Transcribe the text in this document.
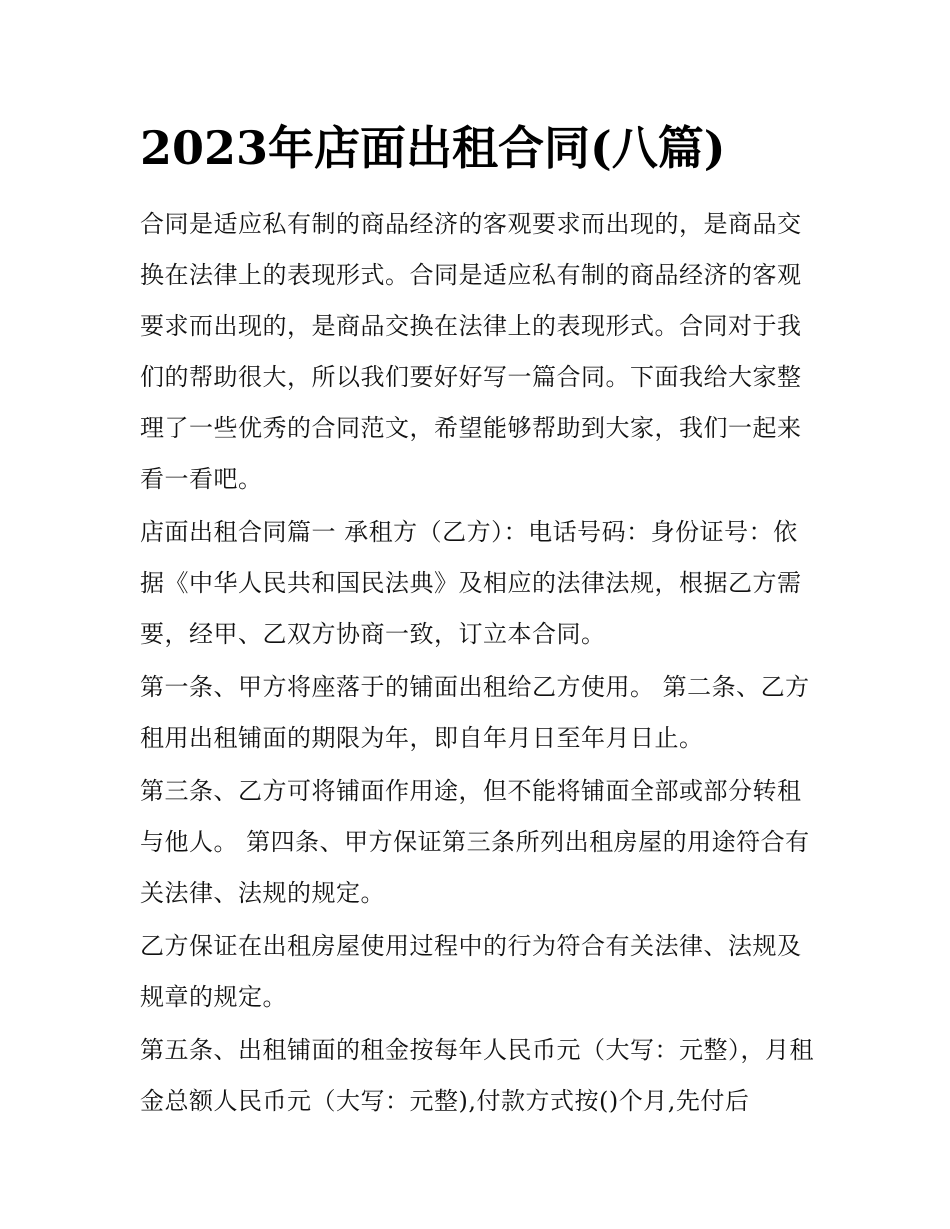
2023年店面出租合同(八篇)

合同是适应私有制的商品经济的客观要求而出现的，是商品交换在法律上的表现形式。合同是适应私有制的商品经济的客观要求而出现的，是商品交换在法律上的表现形式。合同对于我们的帮助很大，所以我们要好好写一篇合同。下面我给大家整理了一些优秀的合同范文，希望能够帮助到大家，我们一起来看一看吧。

店面出租合同篇一 承租方（乙方）：电话号码：身份证号：依据《中华人民共和国民法典》及相应的法律法规，根据乙方需要，经甲、乙双方协商一致，订立本合同。

第一条、甲方将座落于的铺面出租给乙方使用。 第二条、乙方租用出租铺面的期限为年，即自年月日至年月日止。

第三条、乙方可将铺面作用途，但不能将铺面全部或部分转租与他人。 第四条、甲方保证第三条所列出租房屋的用途符合有关法律、法规的规定。

乙方保证在出租房屋使用过程中的行为符合有关法律、法规及规章的规定。

第五条、出租铺面的租金按每年人民币元（大写：元整），月租金总额人民币元（大写：元整),付款方式按()个月,先付后
